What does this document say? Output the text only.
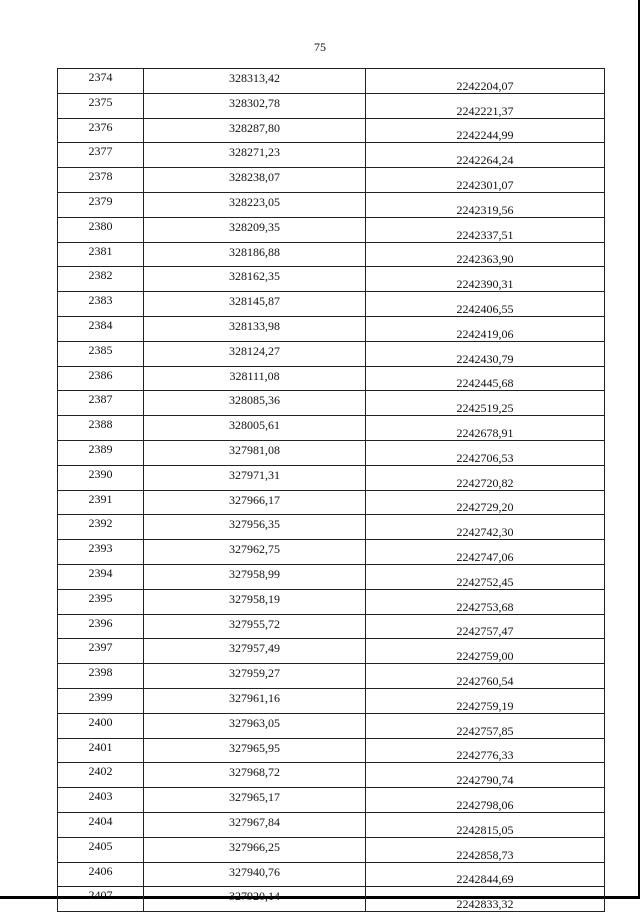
75
2374	328313,42	2242204,07
2375	328302,78	2242221,37
2376	328287,80	2242244,99
2377	328271,23	2242264,24
2378	328238,07	2242301,07
2379	328223,05	2242319,56
2380	328209,35	2242337,51
2381	328186,88	2242363,90
2382	328162,35	2242390,31
2383	328145,87	2242406,55
2384	328133,98	2242419,06
2385	328124,27	2242430,79
2386	328111,08	2242445,68
2387	328085,36	2242519,25
2388	328005,61	2242678,91
2389	327981,08	2242706,53
2390	327971,31	2242720,82
2391	327966,17	2242729,20
2392	327956,35	2242742,30
2393	327962,75	2242747,06
2394	327958,99	2242752,45
2395	327958,19	2242753,68
2396	327955,72	2242757,47
2397	327957,49	2242759,00
2398	327959,27	2242760,54
2399	327961,16	2242759,19
2400	327963,05	2242757,85
2401	327965,95	2242776,33
2402	327968,72	2242790,74
2403	327965,17	2242798,06
2404	327967,84	2242815,05
2405	327966,25	2242858,73
2406	327940,76	2242844,69
2407	327920,14	2242833,32
